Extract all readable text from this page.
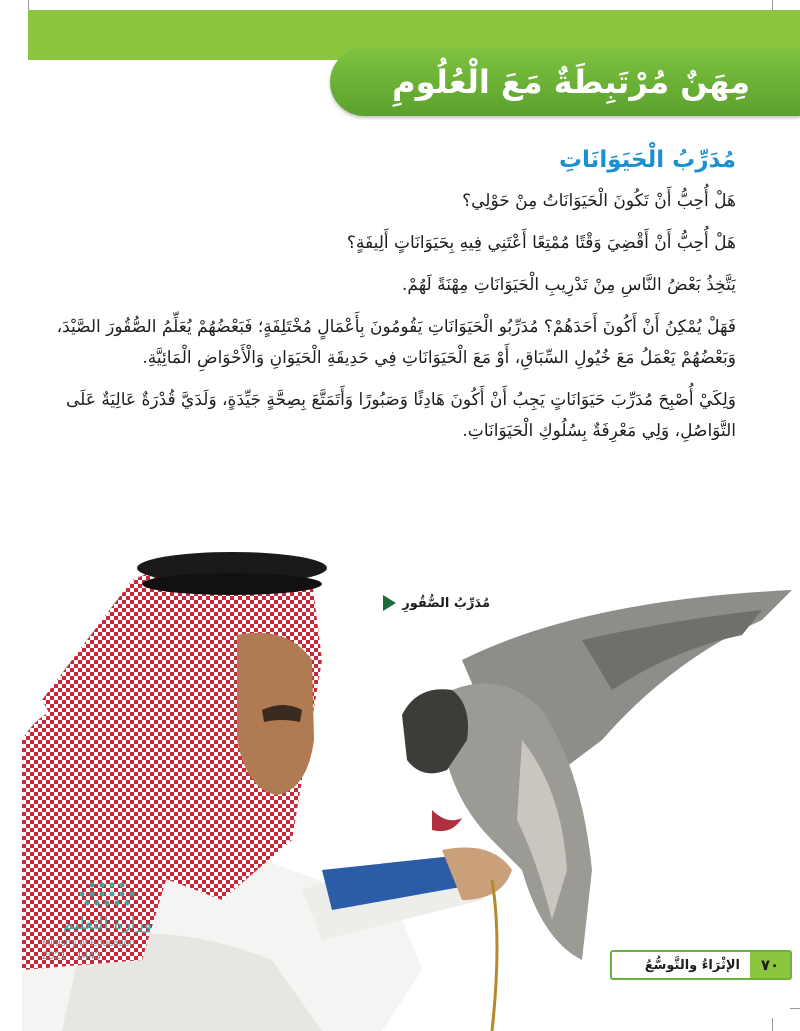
مِهَنٌ مُرْتَبِطَةٌ مَعَ الْعُلُومِ
مُدَرِّبُ الْحَيَوَانَاتِ

هَلْ أُحِبُّ أَنْ تَكُونَ الْحَيَوَانَاتُ مِنْ حَوْلِي؟

هَلْ أُحِبُّ أَنْ أَقْضِيَ وَقْتًا مُمْتِعًا أَعْتَنِي فِيهِ بِحَيَوَانَاتٍ أَلِيفَةٍ؟

يَتَّخِذُ بَعْضُ النَّاسِ مِنْ تَدْرِيبِ الْحَيَوَانَاتِ مِهْنَةً لَهُمْ.

فَهَلْ يُمْكِنُ أَنْ أَكُونَ أَحَدَهُمْ؟ مُدَرِّبُو الْحَيَوَانَاتِ يَقُومُونَ بِأَعْمَالٍ مُخْتَلِفَةٍ؛ فَبَعْضُهُمْ يُعَلِّمُ الصُّقُورَ الصَّيْدَ، وَبَعْضُهُمْ يَعْمَلُ مَعَ خُيُولِ السِّبَاقِ، أَوْ مَعَ الْحَيَوَانَاتِ فِي حَدِيقَةِ الْحَيَوَانِ وَالْأَحْوَاضِ الْمَائِيَّةِ.

وَلِكَيْ أُصْبِحَ مُدَرِّبَ حَيَوَانَاتٍ يَجِبُ أَنْ أَكُونَ هَادِئًا وَصَبُورًا وَأَتَمَتَّعَ بِصِحَّةٍ جَيِّدَةٍ، وَلَدَيَّ قُدْرَةٌ عَالِيَةٌ عَلَى التَّوَاصُلِ، وَلِي مَعْرِفَةٌ بِسُلُوكِ الْحَيَوَانَاتِ.

مُدَرِّبُ الصُّقُورِ
وزارة التعليم
Ministry of Education
2021 - 1443	٧٠
الإثْرَاءُ والتَّوسُّعُ
